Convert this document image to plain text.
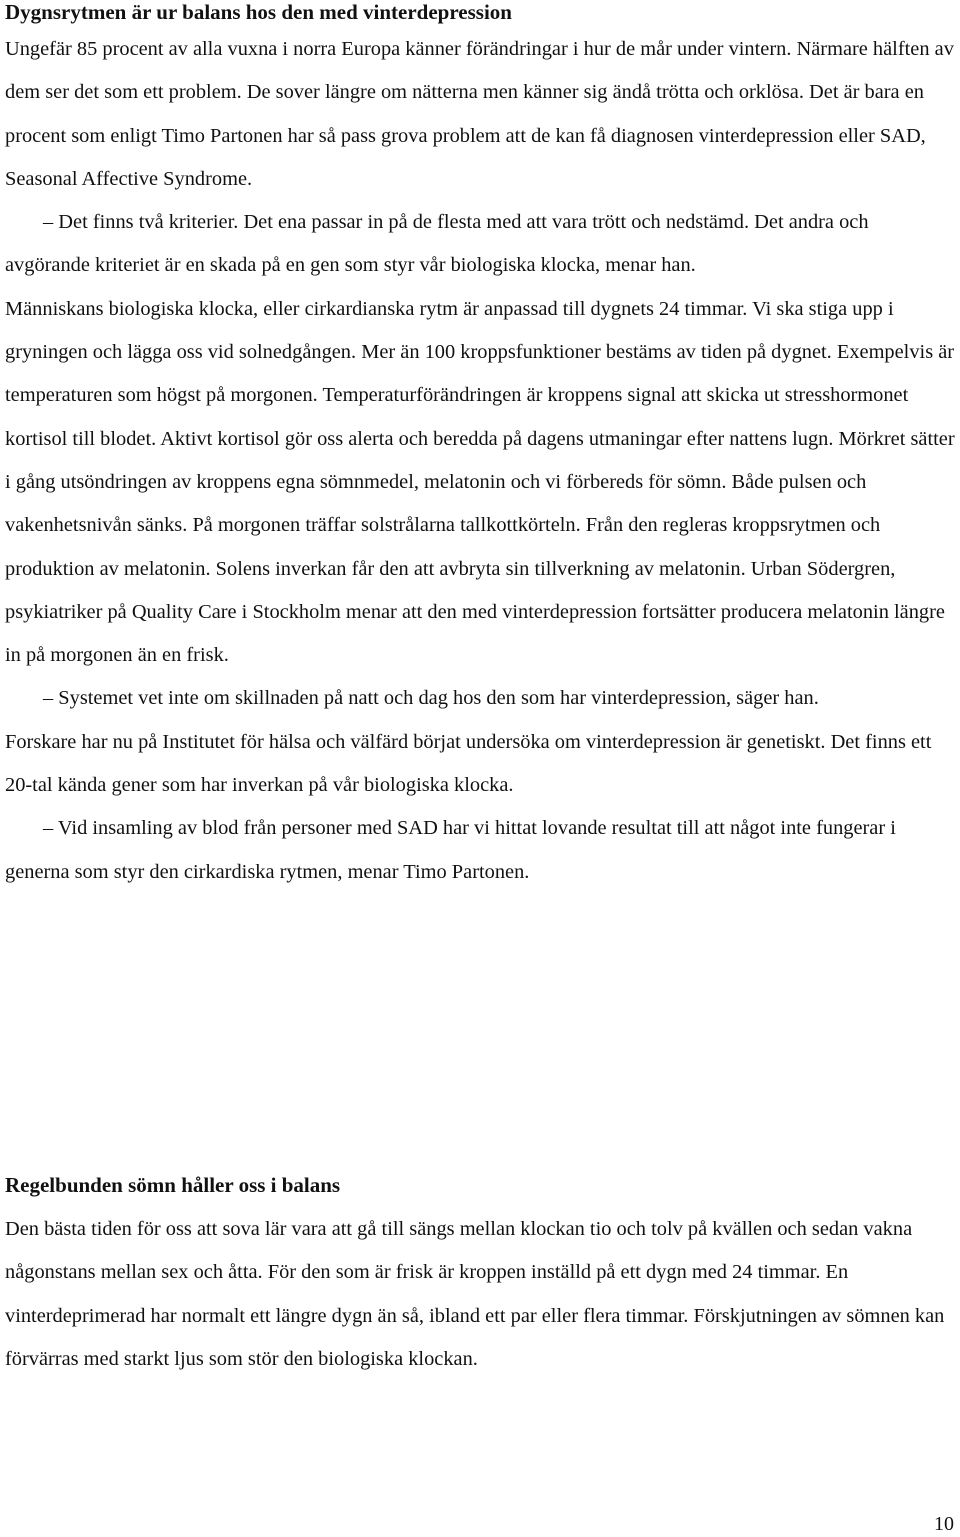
Dygnsrytmen är ur balans hos den med vinterdepression

Ungefär 85 procent av alla vuxna i norra Europa känner förändringar i hur de mår under vintern. Närmare hälften av dem ser det som ett problem. De sover längre om nätterna men känner sig ändå trötta och orklösa. Det är bara en procent som enligt Timo Partonen har så pass grova problem att de kan få diagnosen vinterdepression eller SAD, Seasonal Affective Syndrome.

– Det finns två kriterier. Det ena passar in på de flesta med att vara trött och nedstämd. Det andra och avgörande kriteriet är en skada på en gen som styr vår biologiska klocka, menar han.

Människans biologiska klocka, eller cirkardianska rytm är anpassad till dygnets 24 timmar. Vi ska stiga upp i gryningen och lägga oss vid solnedgången. Mer än 100 kroppsfunktioner bestäms av tiden på dygnet. Exempelvis är temperaturen som högst på morgonen. Temperaturförändringen är kroppens signal att skicka ut stresshormonet kortisol till blodet. Aktivt kortisol gör oss alerta och beredda på dagens utmaningar efter nattens lugn. Mörkret sätter i gång utsöndringen av kroppens egna sömnmedel, melatonin och vi förbereds för sömn. Både pulsen och vakenhetsnivån sänks. På morgonen träffar solstrålarna tallkottkörteln. Från den regleras kroppsrytmen och produktion av melatonin. Solens inverkan får den att avbryta sin tillverkning av melatonin. Urban Södergren, psykiatriker på Quality Care i Stockholm menar att den med vinterdepression fortsätter producera melatonin längre in på morgonen än en frisk.

– Systemet vet inte om skillnaden på natt och dag hos den som har vinterdepression, säger han.

Forskare har nu på Institutet för hälsa och välfärd börjat undersöka om vinterdepression är genetiskt. Det finns ett 20-tal kända gener som har inverkan på vår biologiska klocka.

– Vid insamling av blod från personer med SAD har vi hittat lovande resultat till att något inte fungerar i generna som styr den cirkardiska rytmen, menar Timo Partonen.

Regelbunden sömn håller oss i balans

Den bästa tiden för oss att sova lär vara att gå till sängs mellan klockan tio och tolv på kvällen och sedan vakna någonstans mellan sex och åtta. För den som är frisk är kroppen inställd på ett dygn med 24 timmar. En vinterdeprimerad har normalt ett längre dygn än så, ibland ett par eller flera timmar. Förskjutningen av sömnen kan förvärras med starkt ljus som stör den biologiska klockan.

10
